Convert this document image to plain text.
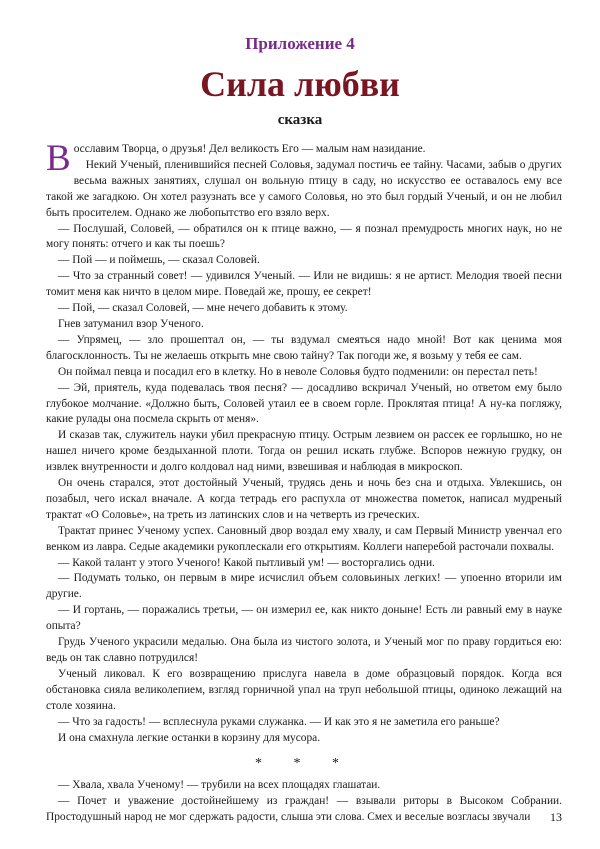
Приложение 4
Сила любви
сказка

Восславим Творца, о друзья! Дел великость Его — малым нам назидание.

Некий Ученый, пленившийся песней Соловья, задумал постичь ее тайну. Часами, забыв о других весьма важных занятиях, слушал он вольную птицу в саду, но искусство ее оставалось ему все такой же загадкою. Он хотел разузнать все у самого Соловья, но это был гордый Ученый, и он не любил быть просителем. Однако же любопытство его взяло верх.

— Послушай, Соловей, — обратился он к птице важно, — я познал премудрость многих наук, но не могу понять: отчего и как ты поешь?

— Пой — и поймешь, — сказал Соловей.

— Что за странный совет! — удивился Ученый. — Или не видишь: я не артист. Мелодия твоей песни томит меня как ничто в целом мире. Поведай же, прошу, ее секрет!

— Пой, — сказал Соловей, — мне нечего добавить к этому.

Гнев затуманил взор Ученого.

— Упрямец, — зло прошептал он, — ты вздумал смеяться надо мной! Вот как ценима моя благосклонность. Ты не желаешь открыть мне свою тайну? Так погоди же, я возьму у тебя ее сам.

Он поймал певца и посадил его в клетку. Но в неволе Соловья будто подменили: он перестал петь!

— Эй, приятель, куда подевалась твоя песня? — досадливо вскричал Ученый, но ответом ему было глубокое молчание. «Должно быть, Соловей утаил ее в своем горле. Проклятая птица! А ну-ка погляжу, какие рулады она посмела скрыть от меня».

И сказав так, служитель науки убил прекрасную птицу. Острым лезвием он рассек ее горлышко, но не нашел ничего кроме бездыханной плоти. Тогда он решил искать глубже. Вспоров нежную грудку, он извлек внутренности и долго колдовал над ними, взвешивая и наблюдая в микроскоп.

Он очень старался, этот достойный Ученый, трудясь день и ночь без сна и отдыха. Увлекшись, он позабыл, чего искал вначале. А когда тетрадь его распухла от множества пометок, написал мудреный трактат «О Соловье», на треть из латинских слов и на четверть из греческих.

Трактат принес Ученому успех. Сановный двор воздал ему хвалу, и сам Первый Министр увенчал его венком из лавра. Седые академики рукоплескали его открытиям. Коллеги наперебой расточали похвалы.

— Какой талант у этого Ученого! Какой пытливый ум! — восторгались одни.

— Подумать только, он первым в мире исчислил объем соловьиных легких! — упоенно вторили им другие.

— И гортань, — поражались третьи, — он измерил ее, как никто доныне! Есть ли равный ему в науке опыта?

Грудь Ученого украсили медалью. Она была из чистого золота, и Ученый мог по праву гордиться ею: ведь он так славно потрудился!

Ученый ликовал. К его возвращению прислуга навела в доме образцовый порядок. Когда вся обстановка сияла великолепием, взгляд горничной упал на труп небольшой птицы, одиноко лежащий на столе хозяина.

— Что за гадость! — всплеснула руками служанка. — И как это я не заметила его раньше?

И она смахнула легкие останки в корзину для мусора.

* * *

— Хвала, хвала Ученому! — трубили на всех площадях глашатаи.

— Почет и уважение достойнейшему из граждан! — взывали риторы в Высоком Собрании. Простодушный народ не мог сдержать радости, слыша эти слова. Смех и веселые возгласы звучали	13
